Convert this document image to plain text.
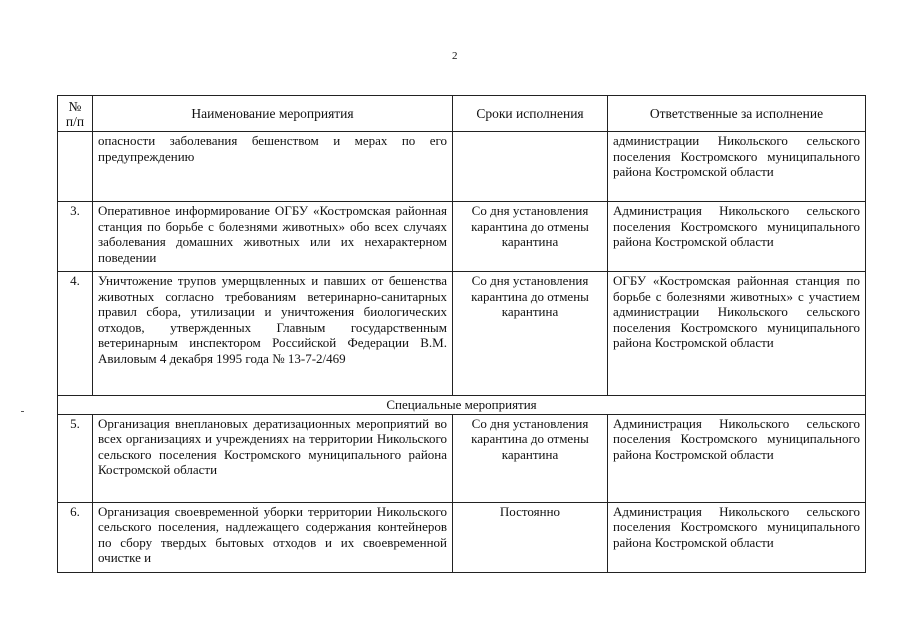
2
№
п/п	Наименование мероприятия	Сроки исполнения	Ответственные за исполнение
	опасности заболевания бешенством и мерах по его предупреждению		администрации Никольского сельского поселения Костромского муниципального района Костромской области
3.	Оперативное информирование ОГБУ «Костромская районная станция по борьбе с болезнями животных» обо всех случаях заболевания домашних животных или их нехарактерном поведении	Со дня установления карантина до отмены карантина	Администрация Никольского сельского поселения Костромского муниципального района Костромской области
4.	Уничтожение трупов умерщвленных и павших от бешенства животных согласно требованиям ветеринарно-санитарных правил сбора, утилизации и уничтожения биологических отходов, утвержденных Главным государственным ветеринарным инспектором Российской Федерации В.М. Авиловым 4 декабря 1995 года № 13-7-2/469	Со дня установления карантина до отмены карантина	ОГБУ «Костромская районная станция по борьбе с болезнями животных» с участием администрации Никольского сельского поселения Костромского муниципального района Костромской области
Специальные мероприятия			
5.	Организация внеплановых дератизационных мероприятий во всех организациях и учреждениях на территории Никольского сельского поселения Костромского муниципального района Костромской области	Со дня установления карантина до отмены карантина	Администрация Никольского сельского поселения Костромского муниципального района Костромской области
6.	Организация своевременной уборки территории Никольского сельского поселения, надлежащего содержания контейнеров по сбору твердых бытовых отходов и их своевременной очистке и	Постоянно	Администрация Никольского сельского поселения Костромского муниципального района Костромской области
